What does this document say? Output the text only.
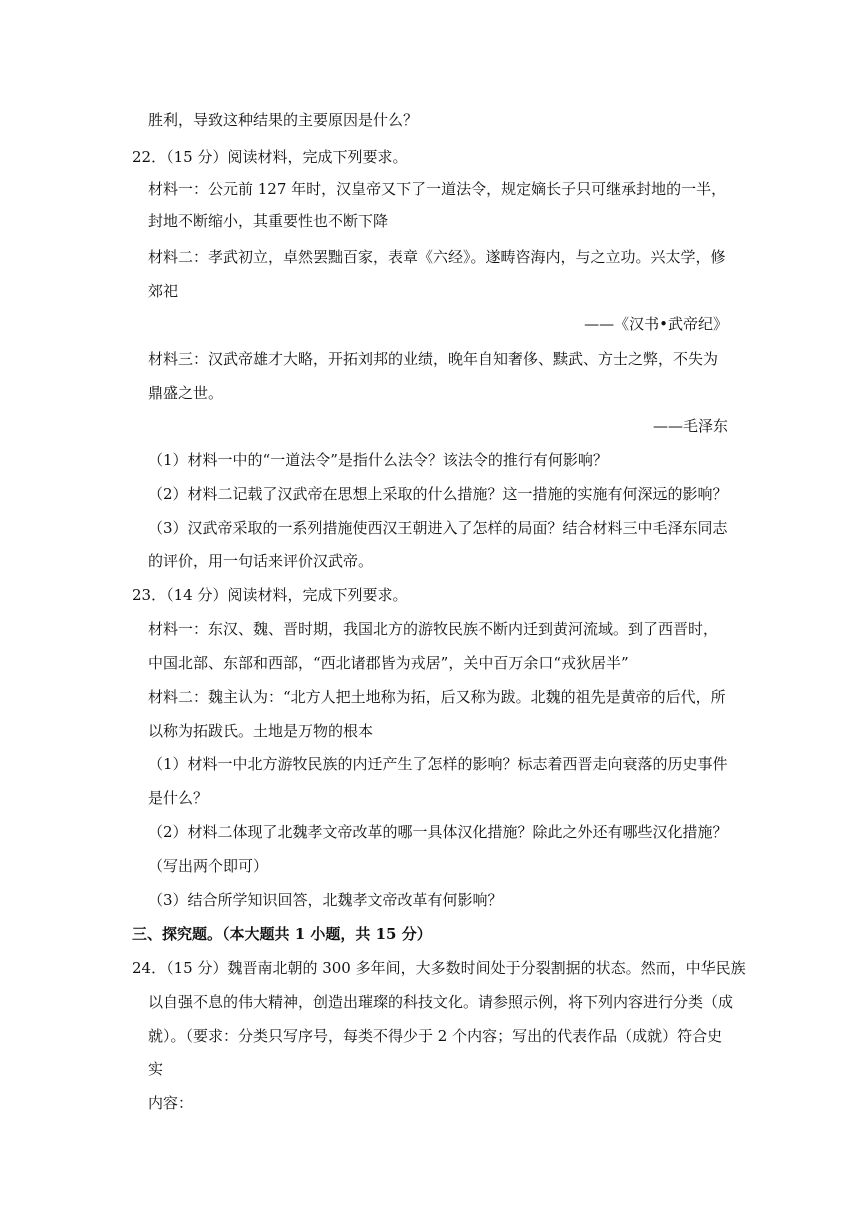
胜利，导致这种结果的主要原因是什么？
22．（15 分）阅读材料，完成下列要求。
材料一：公元前 127 年时，汉皇帝又下了一道法令，规定嫡长子只可继承封地的一半，
封地不断缩小，其重要性也不断下降
材料二：孝武初立，卓然罢黜百家，表章《六经》。遂畴咨海内，与之立功。兴太学，修
郊祀
——《汉书•武帝纪》
材料三：汉武帝雄才大略，开拓刘邦的业绩，晚年自知奢侈、黩武、方士之弊，不失为
鼎盛之世。
——毛泽东
（1）材料一中的“一道法令”是指什么法令？该法令的推行有何影响？
（2）材料二记载了汉武帝在思想上采取的什么措施？这一措施的实施有何深远的影响？
（3）汉武帝采取的一系列措施使西汉王朝进入了怎样的局面？结合材料三中毛泽东同志
的评价，用一句话来评价汉武帝。
23．（14 分）阅读材料，完成下列要求。
材料一：东汉、魏、晋时期，我国北方的游牧民族不断内迁到黄河流域。到了西晋时，
中国北部、东部和西部，“西北诸郡皆为戎居”，关中百万余口“戎狄居半”
材料二：魏主认为：“北方人把土地称为拓，后又称为跋。北魏的祖先是黄帝的后代，所
以称为拓跋氏。土地是万物的根本
（1）材料一中北方游牧民族的内迁产生了怎样的影响？标志着西晋走向衰落的历史事件
是什么？
（2）材料二体现了北魏孝文帝改革的哪一具体汉化措施？除此之外还有哪些汉化措施？
（写出两个即可）
（3）结合所学知识回答，北魏孝文帝改革有何影响？
三、探究题。（本大题共 1 小题，共 15 分）
24．（15 分）魏晋南北朝的 300 多年间，大多数时间处于分裂割据的状态。然而，中华民族
以自强不息的伟大精神，创造出璀璨的科技文化。请参照示例，将下列内容进行分类（成
就）。（要求：分类只写序号，每类不得少于 2 个内容；写出的代表作品（成就）符合史
实
内容：
